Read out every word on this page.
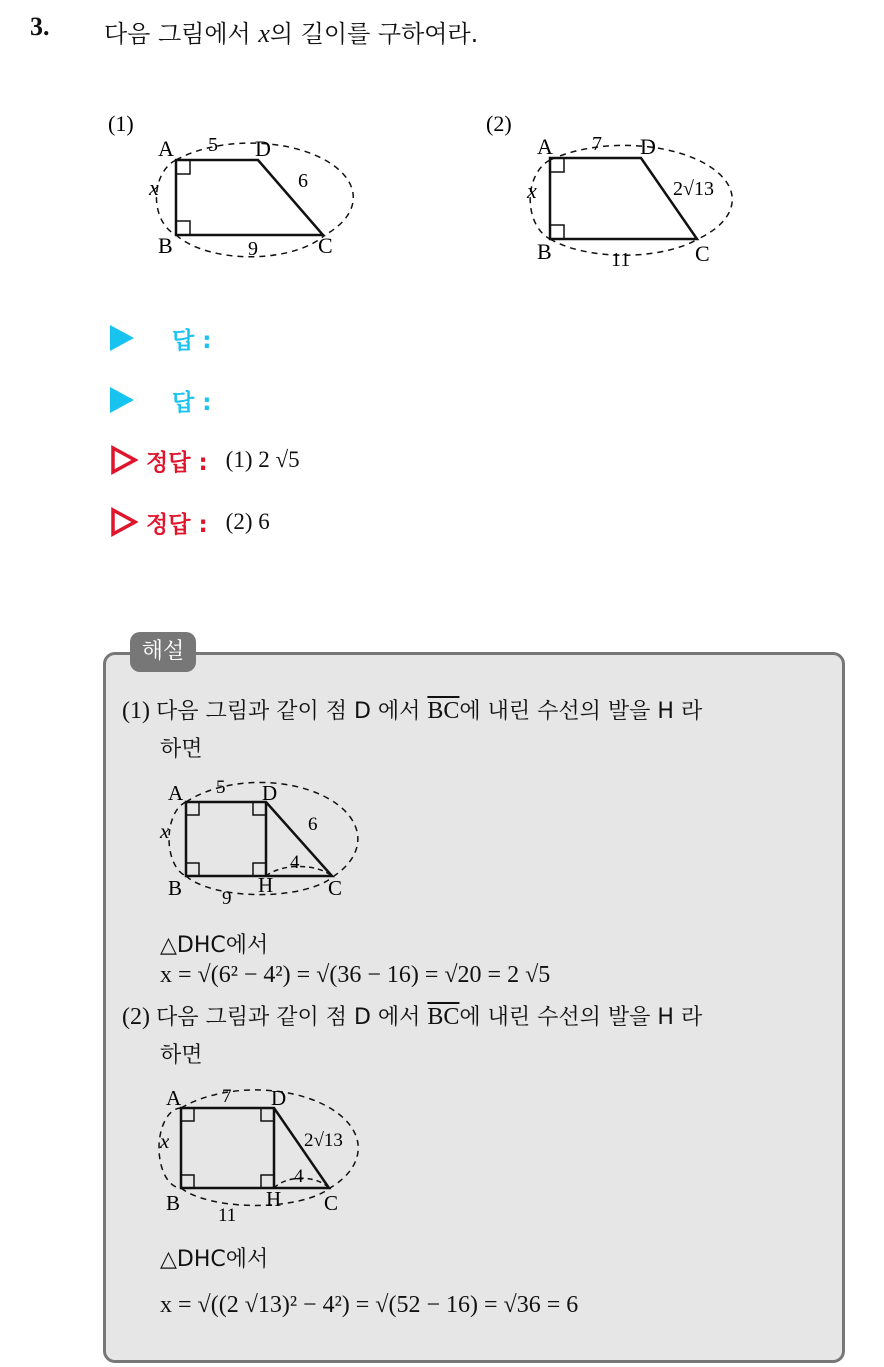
3. 다음 그림에서 x의 길이를 구하여라.
(1)
A	D
B	C
5
9
6
x
(2)
A	D
B	C
7
11
2√13
x
답 :
답 :
정답 : (1) 2 √5
정답 : (2) 6
해설
(1) 다음 그림과 같이 점 D 에서 $\overline{BC}$에 내린 수선의 발을 H 라
하면
A	D
B	H	C
5
9
6
4
x
△DHC에서
x = √(6² − 4²) = √(36 − 16) = √20 = 2 √5
(2) 다음 그림과 같이 점 D 에서 $\overline{BC}$에 내린 수선의 발을 H 라
하면
A	D
B	H C
7
11
2√13
4
x
△DHC에서
x = √((2 √13)² − 4²) = √(52 − 16) = √36 = 6
